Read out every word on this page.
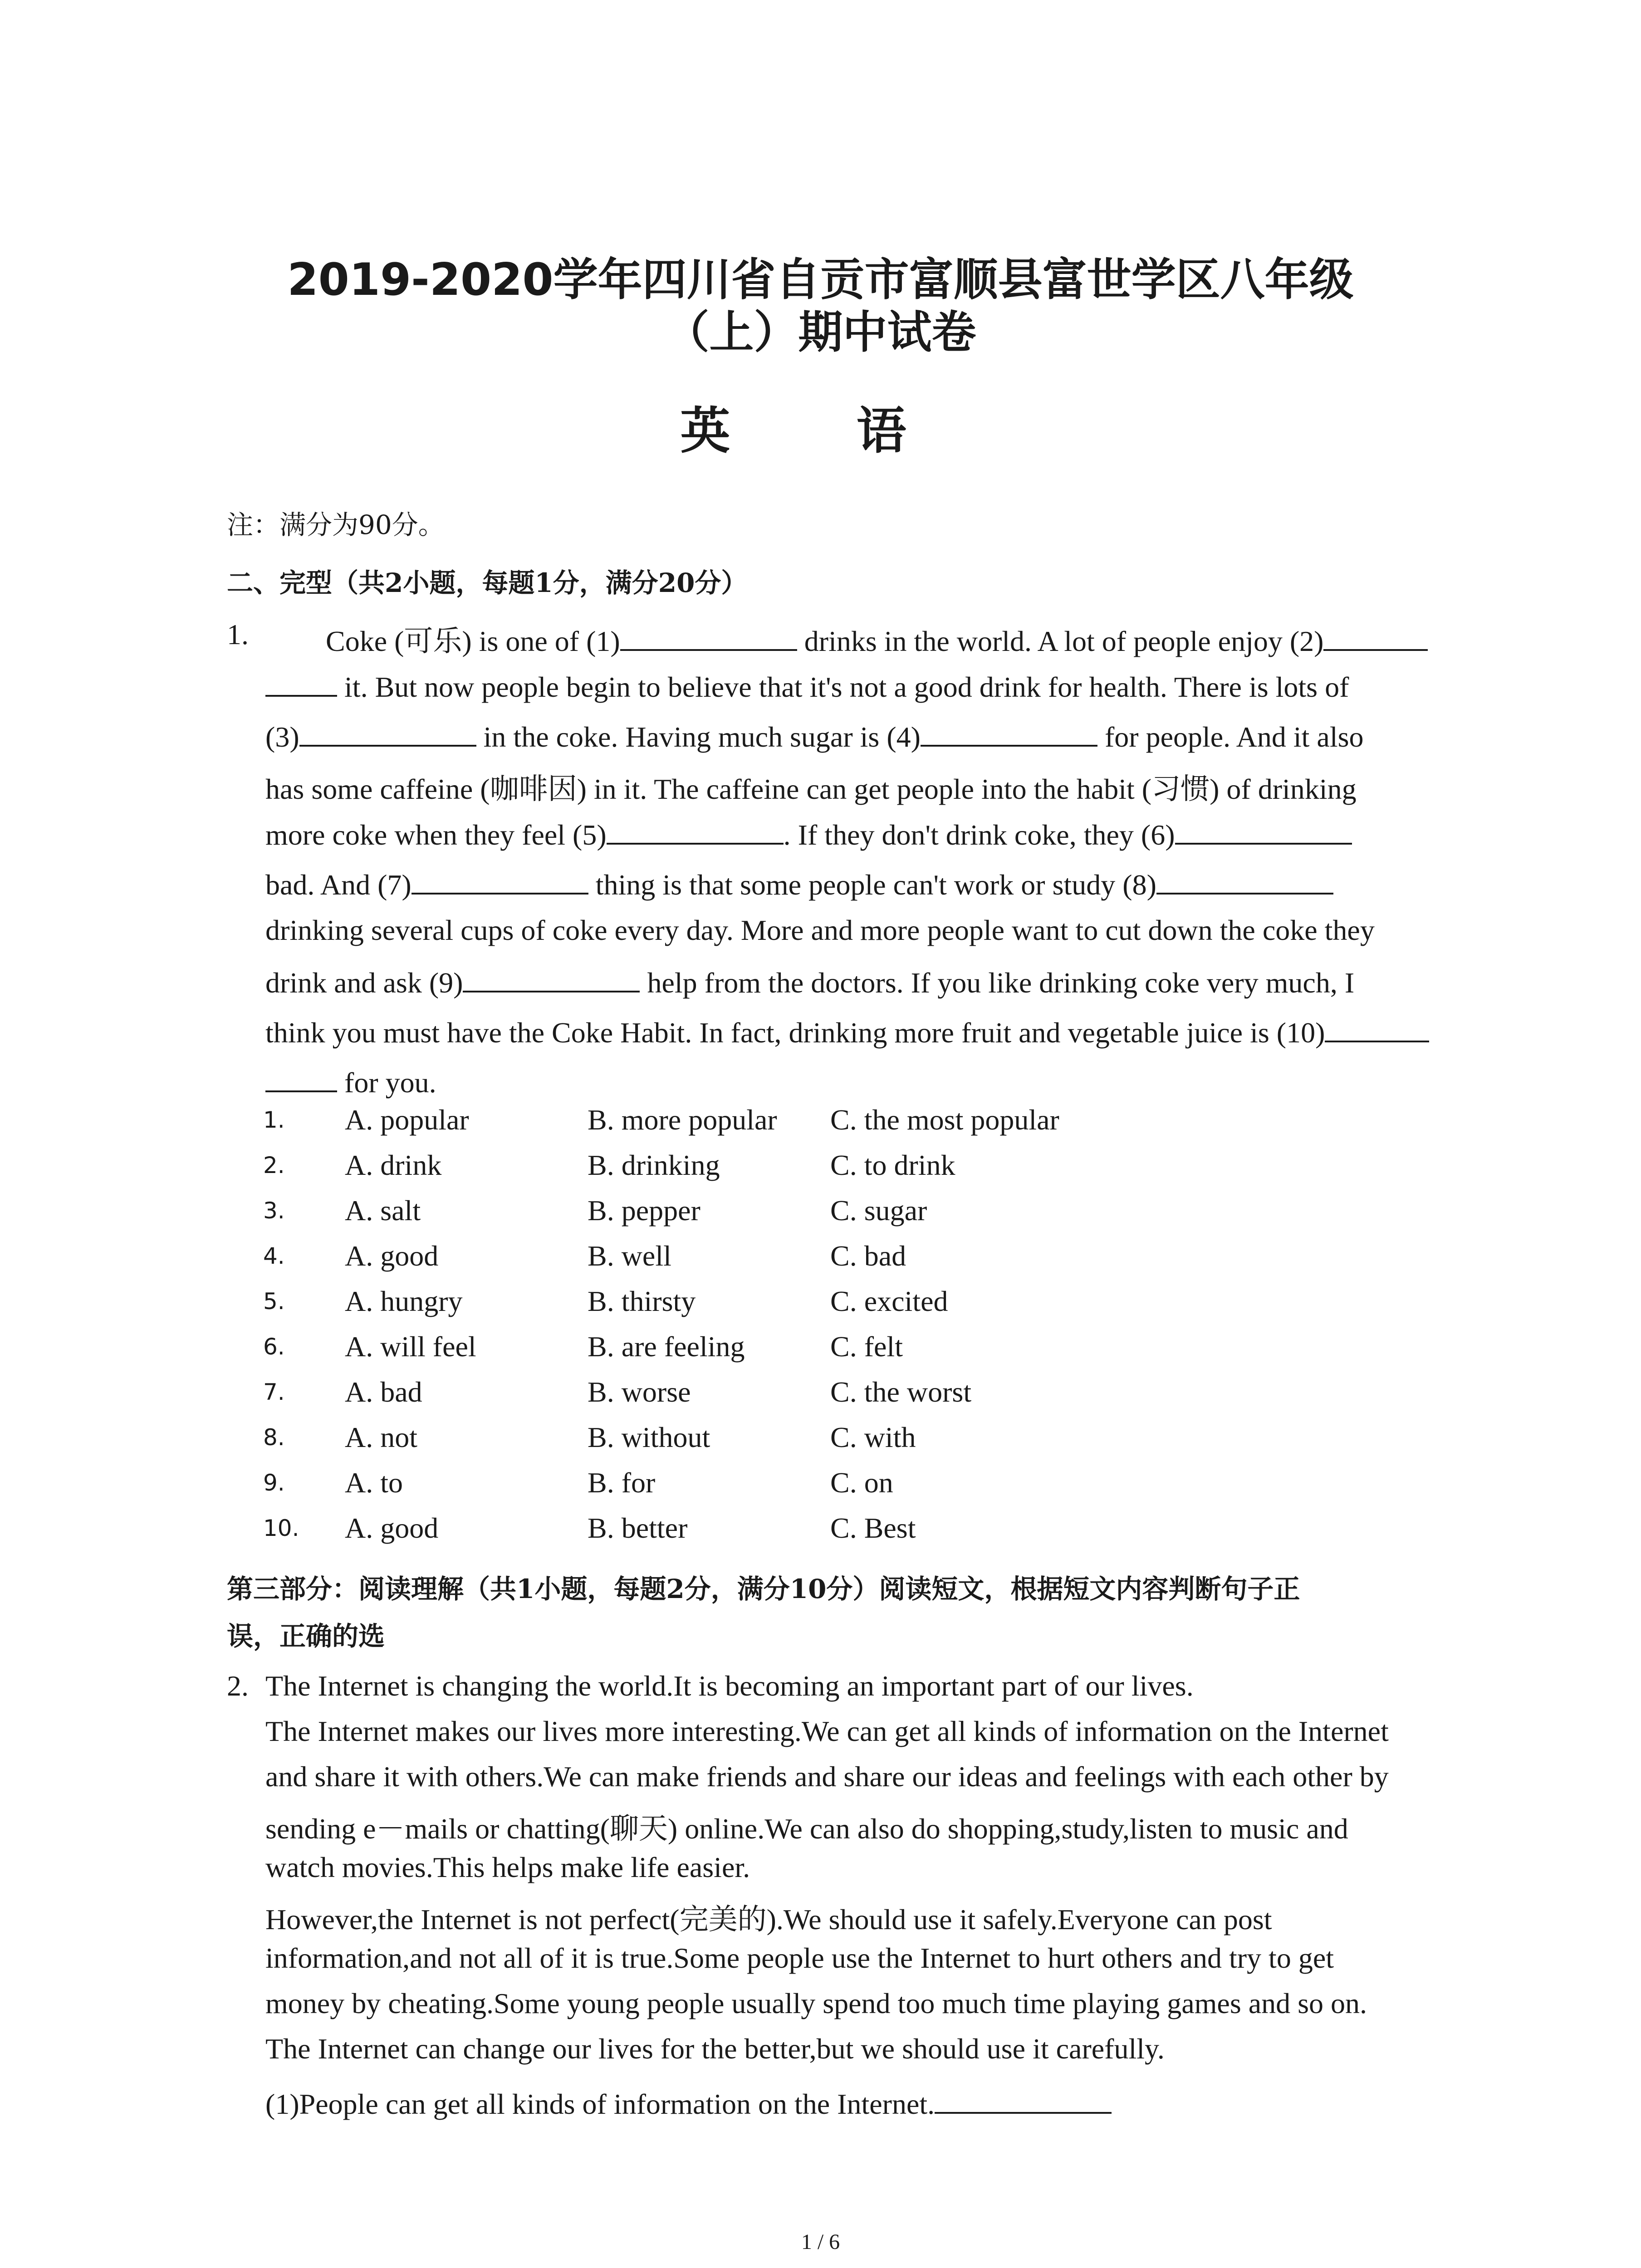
2019-2020学年四川省自贡市富顺县富世学区八年级
（上）期中试卷
英 语
注：满分为90分。
二、完型（共2小题，每题1分，满分20分）
1.	Coke (可乐) is one of (1)	drinks in the world. A lot of people enjoy (2)
it. But now people begin to believe that it's not a good drink for health. There is lots of
(3)	in the coke. Having much sugar is (4)	for people. And it also
has some caffeine (咖啡因) in it. The caffeine can get people into the habit (习惯) of drinking
more coke when they feel (5)	. If they don't drink coke, they (6)
bad. And (7)	thing is that some people can't work or study (8)
drinking several cups of coke every day. More and more people want to cut down the coke they
drink and ask (9)	help from the doctors. If you like drinking coke very much, I
think you must have the Coke Habit. In fact, drinking more fruit and vegetable juice is (10)
for you.
1. A. popular	B. more popular C. the most popular
2. A. drink	B. drinking	C. to drink
3. A. salt	B. pepper	C. sugar
4. A. good	B. well	C. bad
5. A. hungry	B. thirsty	C. excited
6. A. will feel	B. are feeling	C. felt
7. A. bad	B. worse	C. the worst
8. A. not	B. without	C. with
9. A. to	B. for	C. on
10. A. good	B. better	C. Best
第三部分：阅读理解（共1小题，每题2分，满分10分）阅读短文，根据短文内容判断句子正
误，正确的选
2. The Internet is changing the world.It is becoming an important part of our lives.
The Internet makes our lives more interesting.We can get all kinds of information on the Internet
and share it with others.We can make friends and share our ideas and feelings with each other by
sending e－mails or chatting(聊天) online.We can also do shopping,study,listen to music and
watch movies.This helps make life easier.
However,the Internet is not perfect(完美的).We should use it safely.Everyone can post
information,and not all of it is true.Some people use the Internet to hurt others and try to get
money by cheating.Some young people usually spend too much time playing games and so on.
The Internet can change our lives for the better,but we should use it carefully.
(1)People can get all kinds of information on the Internet.
1 / 6
